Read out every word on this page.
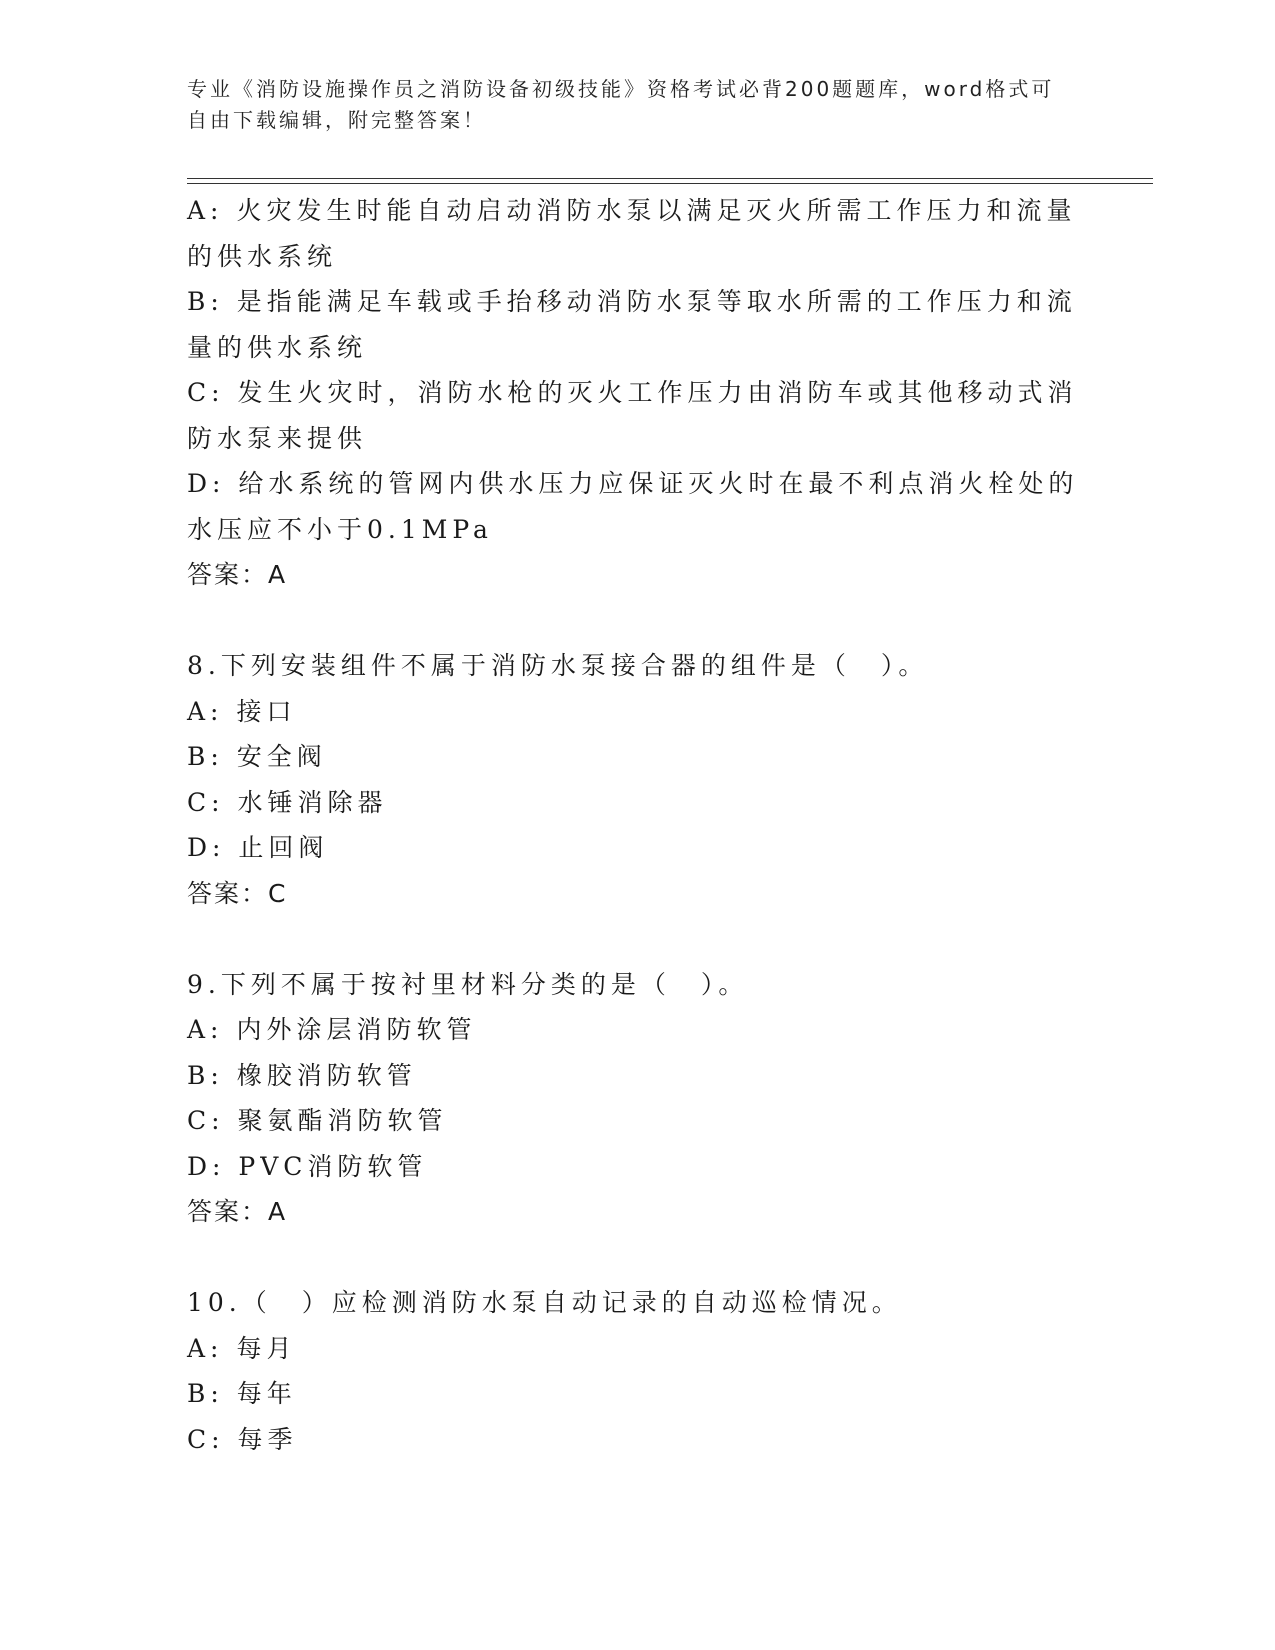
专业《消防设施操作员之消防设备初级技能》资格考试必背200题题库，word格式可自由下载编辑，附完整答案！
A: 火灾发生时能自动启动消防水泵以满足灭火所需工作压力和流量的供水系统
B: 是指能满足车载或手抬移动消防水泵等取水所需的工作压力和流量的供水系统
C: 发生火灾时，消防水枪的灭火工作压力由消防车或其他移动式消防水泵来提供
D: 给水系统的管网内供水压力应保证灭火时在最不利点消火栓处的水压应不小于0.1MPa
答案：A
8.下列安装组件不属于消防水泵接合器的组件是（　）。
A: 接口
B: 安全阀
C: 水锤消除器
D: 止回阀
答案：C
9.下列不属于按衬里材料分类的是（　）。
A: 内外涂层消防软管
B: 橡胶消防软管
C: 聚氨酯消防软管
D: PVC消防软管
答案：A
10.（　）应检测消防水泵自动记录的自动巡检情况。
A: 每月
B: 每年
C: 每季
